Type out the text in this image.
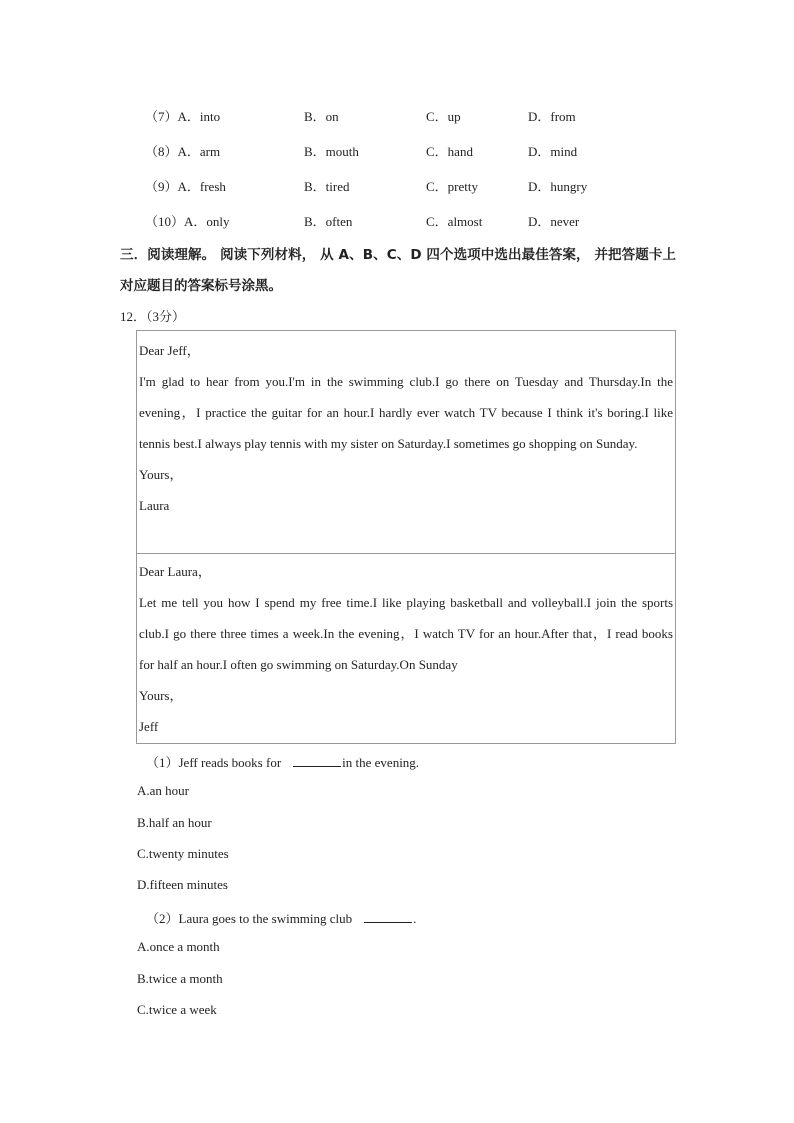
（7）A．into	B．on	C．up	D．from
（8）A．arm	B．mouth	C．hand	D．mind
（9）A．fresh	B．tired	C．pretty	D．hungry
（10）A．only	B．often	C．almost	D．never
三．阅读理解。 阅读下列材料， 从 A、B、C、D 四个选项中选出最佳答案， 并把答题卡上对应题目的答案标号涂黑。
12．（3分）
Dear Jeff，
I'm glad to hear from you.I'm in the swimming club.I go there on Tuesday and Thursday.In the evening，I practice the guitar for an hour.I hardly ever watch TV because I think it's boring.I like tennis best.I always play tennis with my sister on Saturday.I sometimes go shopping on Sunday.
Yours，
Laura
Dear Laura，
Let me tell you how I spend my free time.I like playing basketball and volleyball.I join the sports club.I go there three times a week.In the evening，I watch TV for an hour.After that，I read books for half an hour.I often go swimming on Saturday.On Sunday
Yours，
Jeff
（1）Jeff reads books for	in the evening.
A.an hour
B.half an hour
C.twenty minutes
D.fifteen minutes
（2）Laura goes to the swimming club	.
A.once a month
B.twice a month
C.twice a week
